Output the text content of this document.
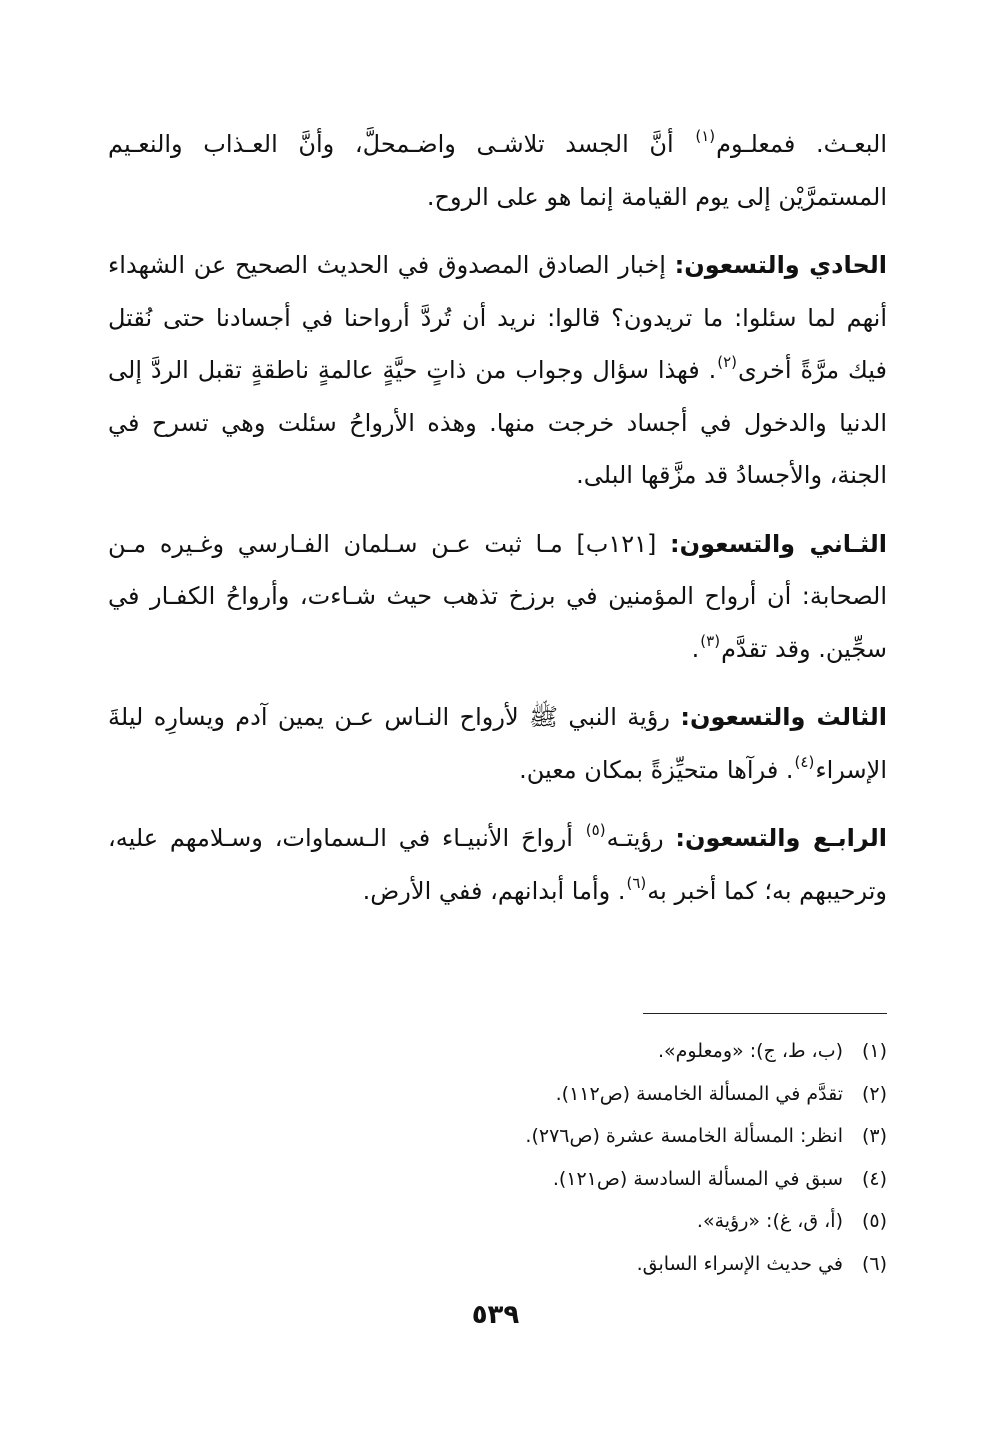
البعـث. فمعلـوم$^{(١)}$ أنَّ الجسد تلاشـى واضـمحلَّ، وأنَّ العـذاب والنعـيم المستمرَّيْن إلى يوم القيامة إنما هو على الروح.

الحادي والتسعون: إخبار الصادق المصدوق في الحديث الصحيح عن الشهداء أنهم لما سئلوا: ما تريدون؟ قالوا: نريد أن تُردَّ أرواحنا في أجسادنا حتى نُقتل فيك مرَّةً أخرى$^{(٢)}$. فهذا سؤال وجواب من ذاتٍ حيَّةٍ عالمةٍ ناطقةٍ تقبل الردَّ إلى الدنيا والدخول في أجساد خرجت منها. وهذه الأرواحُ سئلت وهي تسرح في الجنة، والأجسادُ قد مزَّقها البلى.

الثـاني والتسعون: [١٢١ب] مـا ثبت عـن سـلمان الفـارسي وغـيره مـن الصحابة: أن أرواح المؤمنين في برزخ تذهب حيث شـاءت، وأرواحُ الكفـار في سجِّين. وقد تقدَّم$^{(٣)}$.

الثالث والتسعون: رؤية النبي ﷺ لأرواح النـاس عـن يمين آدم ويسارِه ليلةَ الإسراء$^{(٤)}$. فرآها متحيِّزةً بمكان معين.

الرابـع والتسعون: رؤيتـه$^{(٥)}$ أرواحَ الأنبيـاء في الـسماوات، وسـلامهم عليه، وترحيبهم به؛ كما أخبر به$^{(٦)}$. وأما أبدانهم، ففي الأرض.

(١)(ب، ط، ج): «ومعلوم».

(٢)تقدَّم في المسألة الخامسة (ص١١٢).

(٣)انظر: المسألة الخامسة عشرة (ص٢٧٦).

(٤)سبق في المسألة السادسة (ص١٢١).

(٥)(أ، ق، غ): «رؤية».

(٦)في حديث الإسراء السابق.

٥٣٩
